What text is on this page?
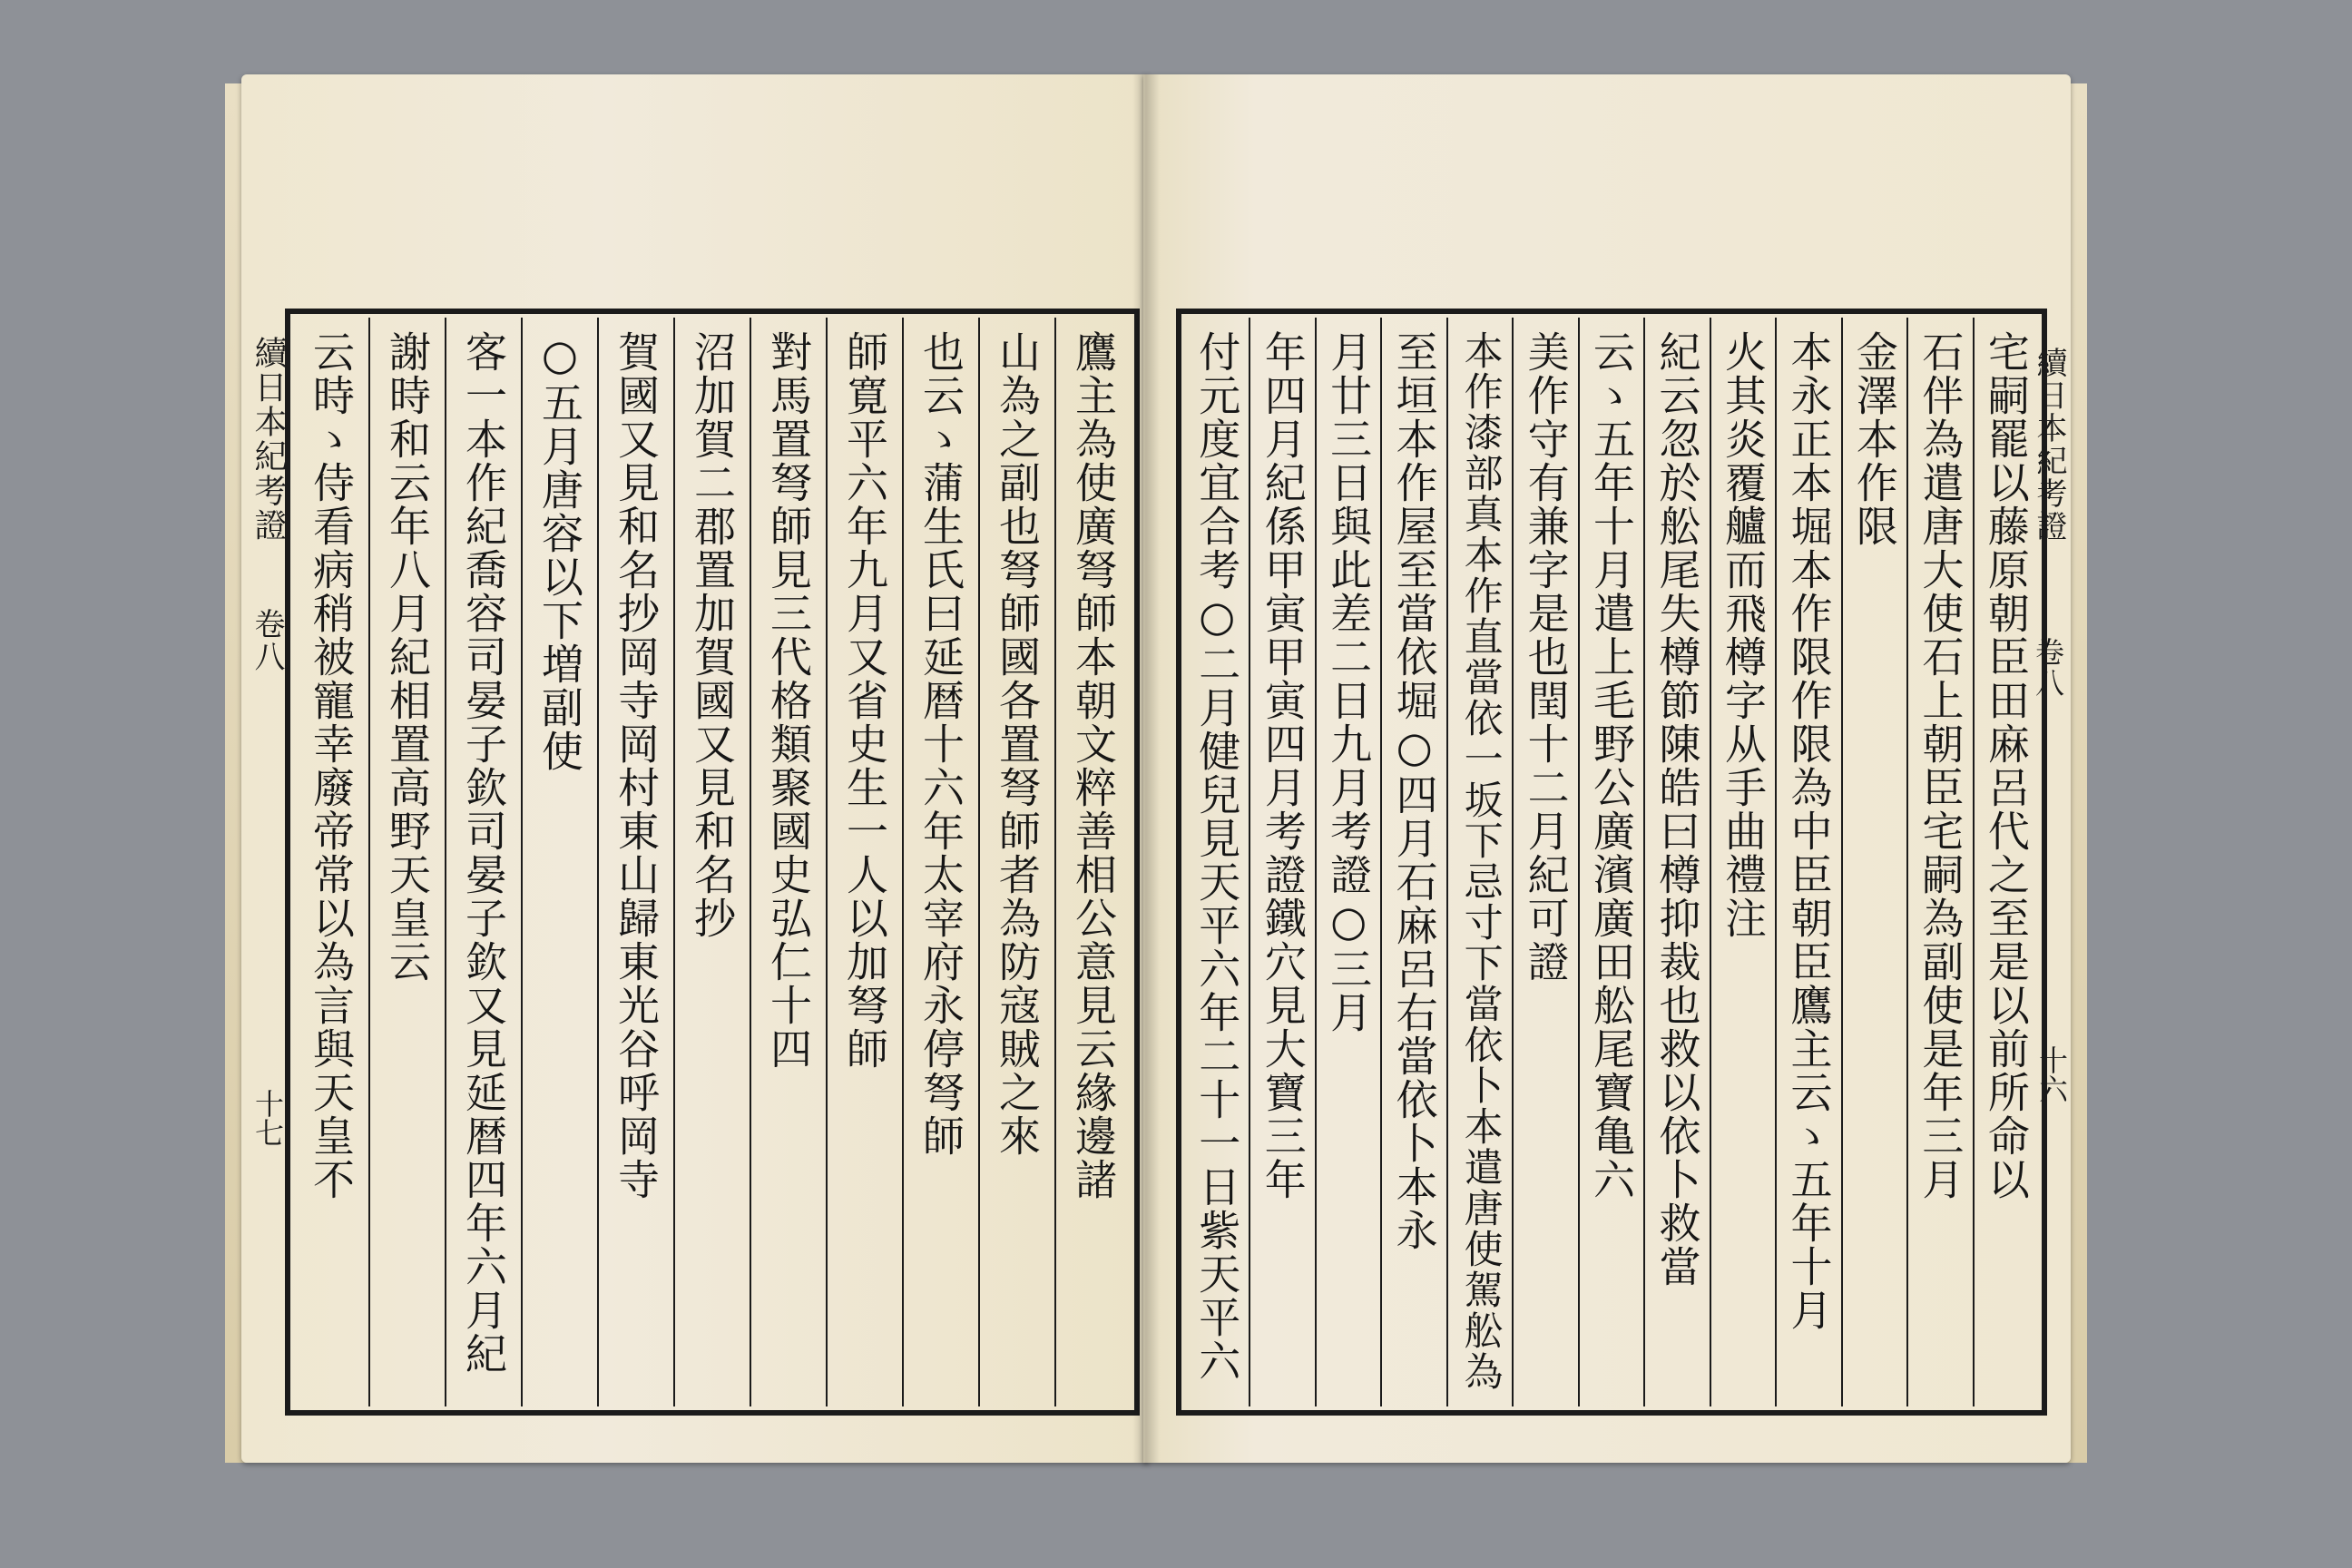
云時ゝ侍看病稍被寵幸廢帝常以為言與天皇不 謝時和云年八月紀相置高野天皇云 客一本作紀喬容司晏子欽司晏子欽又見延暦四年六月紀 ○五月唐容以下増副使 賀國又見和名抄岡寺岡村東山歸東光谷呼岡寺 沼加賀二郡置加賀國又見和名抄 對馬置弩師見三代格類聚國史弘仁十四 師寛平六年九月又省史生一人以加弩師 也云ゝ蒲生氏曰延暦十六年太宰府永停弩師 山為之副也弩師國各置弩師者為防寇賊之來 鷹主為使廣弩師本朝文粹善相公意見云緣邊諸
續日本紀考證
卷八
十七	付元度宜合考○二月健兒見天平六年二十一日紫天平六 年四月紀係甲寅甲寅四月考證鐵穴見大寶三年 月廿三日與此差二日九月考證○三月 至垣本作屋至當依堀○四月石麻呂右當依卜本永 本作漆部真本作直當依一坂下忌寸下當依卜本遣唐使駕舩為 美作守有兼字是也閏十二月紀可證 云ゝ五年十月遣上毛野公廣濱廣田舩尾寶亀六 紀云忽於舩尾失樽節陳皓曰樽抑裁也救以依卜救當 火其炎覆艫而飛樽字从手曲禮注 本永正本堀本作限作限為中臣朝臣鷹主云ゝ五年十月 金澤本作限 石伴為遣唐大使石上朝臣宅嗣為副使是年三月 宅嗣罷以藤原朝臣田麻呂代之至是以前所命以 續日本紀考證
卷八
十六
